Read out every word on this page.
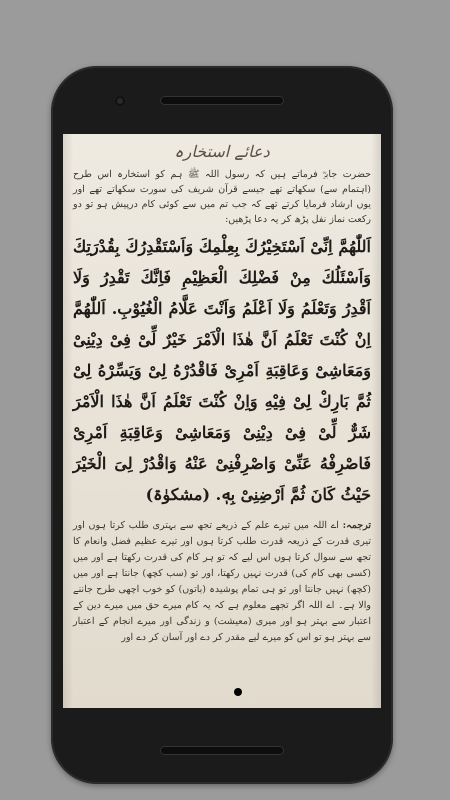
دعائے استخارہ
حضرت جابرؓ فرماتے ہیں کہ رسول اللہ ﷺ ہم کو استخارہ اس طرح (اہتمام سے) سکھاتے تھے جیسے قرآن شریف کی سورت سکھاتے تھے اور یوں ارشاد فرمایا کرتے تھے کہ جب تم میں سے کوئی کام درپیش ہو تو دو رکعت نماز نفل پڑھ کر یہ دعا پڑھیں:
اَللّٰهُمَّ اِنِّیْ اَسْتَخِیْرُكَ بِعِلْمِكَ وَاَسْتَقْدِرُكَ بِقُدْرَتِكَ وَاَسْئَلُكَ مِنْ فَضْلِكَ الْعَظِیْمِ فَاِنَّكَ تَقْدِرُ وَلَا اَقْدِرُ وَتَعْلَمُ وَلَا اَعْلَمُ وَاَنْتَ عَلَّامُ الْغُیُوْبِ. اَللّٰهُمَّ اِنْ كُنْتَ تَعْلَمُ اَنَّ هٰذَا الْاَمْرَ خَیْرٌ لِّیْ فِیْ دِیْنِیْ وَمَعَاشِیْ وَعَاقِبَةِ اَمْرِیْ فَاقْدُرْهُ لِیْ وَیَسِّرْهُ لِیْ ثُمَّ بَارِكْ لِیْ فِیْهِ وَاِنْ كُنْتَ تَعْلَمُ اَنَّ هٰذَا الْاَمْرَ شَرٌّ لِّیْ فِیْ دِیْنِیْ وَمَعَاشِیْ وَعَاقِبَةِ اَمْرِیْ فَاصْرِفْهُ عَنِّیْ وَاصْرِفْنِیْ عَنْهُ وَاقْدُرْ لِیَ الْخَیْرَ حَیْثُ كَانَ ثُمَّ اَرْضِنِیْ بِهٖ. (مشکوٰۃ)
ترجمہ: اے اللہ میں تیرے علم کے ذریعے تجھ سے بہتری طلب کرتا ہوں اور تیری قدرت کے ذریعہ قدرت طلب کرتا ہوں اور تیرے عظیم فضل وانعام کا تجھ سے سوال کرتا ہوں اس لیے کہ تو ہر کام کی قدرت رکھتا ہے اور میں (کسی بھی کام کی) قدرت نہیں رکھتا، اور تو (سب کچھ) جانتا ہے اور میں (کچھ) نہیں جانتا اور تو ہی تمام پوشیدہ (باتوں) کو خوب اچھی طرح جاننے والا ہے۔ اے اللہ اگر تجھے معلوم ہے کہ یہ کام میرے حق میں میرے دین کے اعتبار سے بہتر ہو اور میری (معیشت) و زندگی اور میرے انجام کے اعتبار سے بہتر ہو تو اس کو میرے لیے مقدر کر دے اور آسان کر دے اور
